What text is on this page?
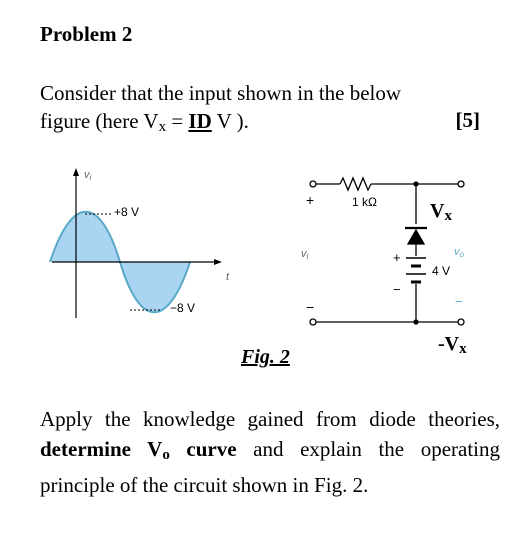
Problem 2
Consider that the input shown in the below
figure (here $V_x$ = ID V ).	[5]
vi
+8 V
−8 V
t
+
−
vi
1 kΩ
+
−
4 V
vo
−
$V_x$
$-V_x$
Fig. 2
Apply the knowledge gained from diode theories, determine $V_o$ curve and explain the operating principle of the circuit shown in Fig. 2.
